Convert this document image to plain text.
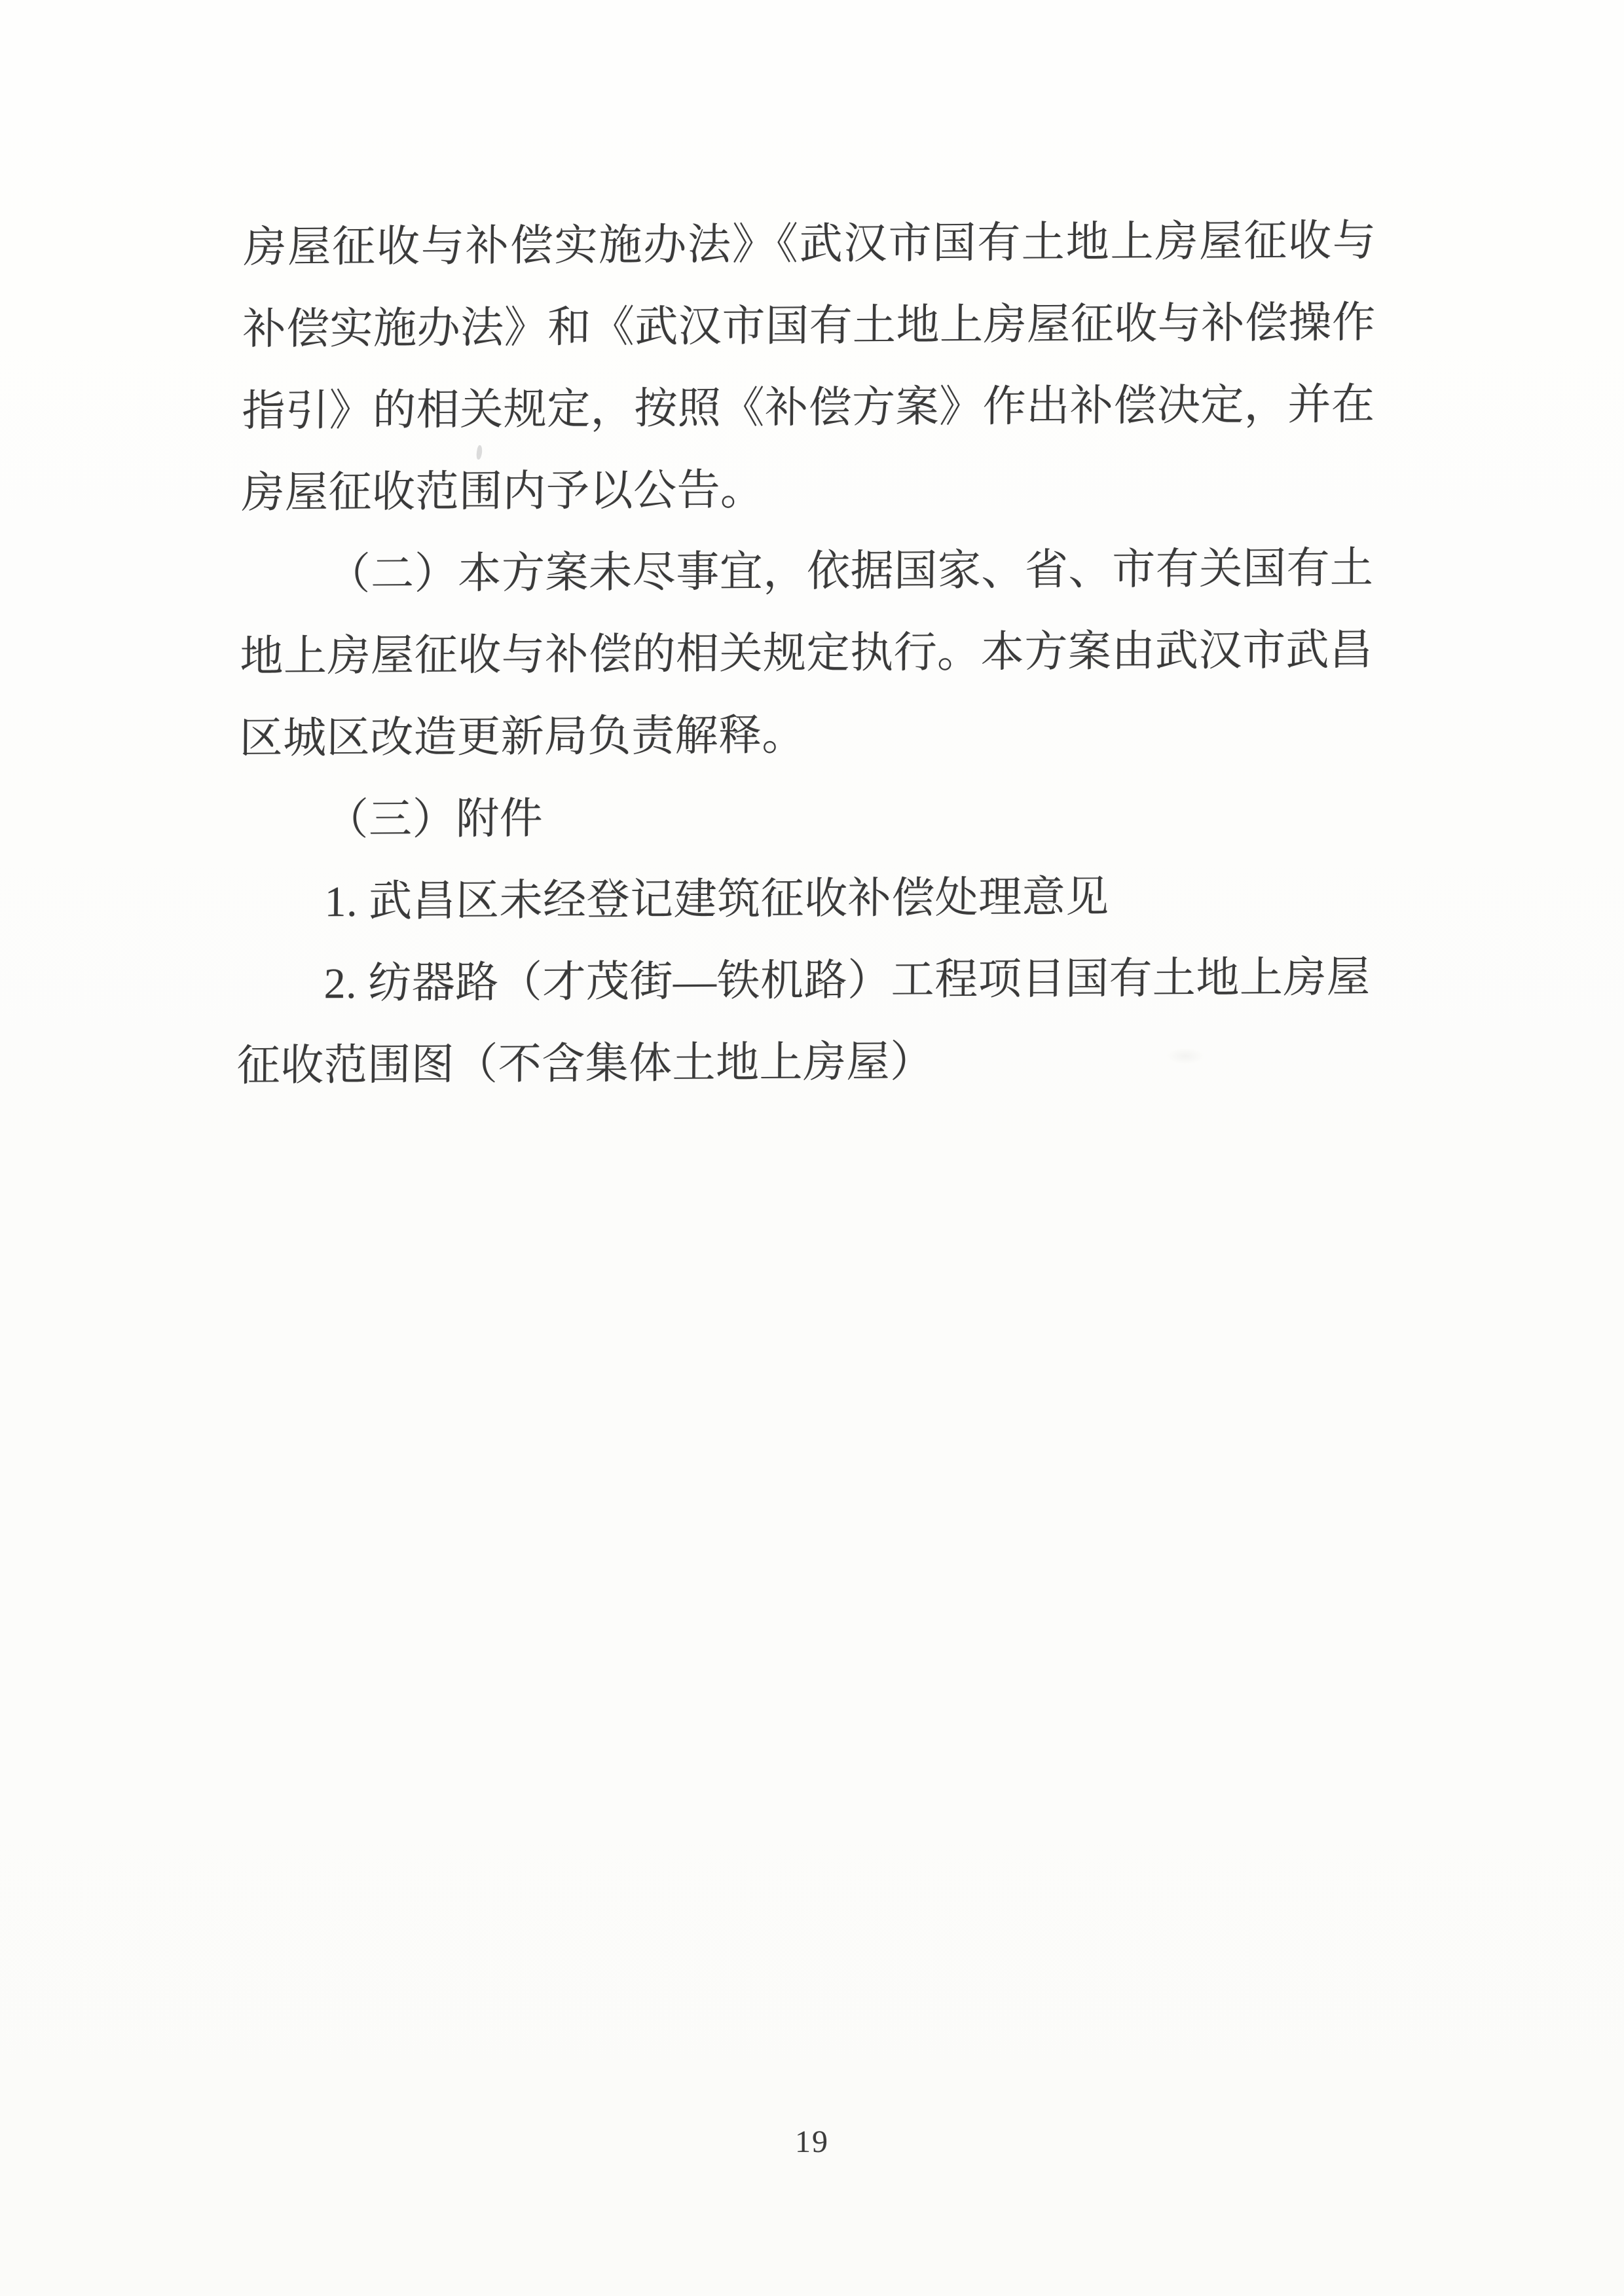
房屋征收与补偿实施办法》《武汉市国有土地上房屋征收与
补偿实施办法》和《武汉市国有土地上房屋征收与补偿操作
指引》的相关规定，按照《补偿方案》作出补偿决定，并在
房屋征收范围内予以公告。
（二）本方案未尽事宜，依据国家、省、市有关国有土
地上房屋征收与补偿的相关规定执行。本方案由武汉市武昌
区城区改造更新局负责解释。
（三）附件
1. 武昌区未经登记建筑征收补偿处理意见
2. 纺器路（才茂街—铁机路）工程项目国有土地上房屋
征收范围图（不含集体土地上房屋）
19
